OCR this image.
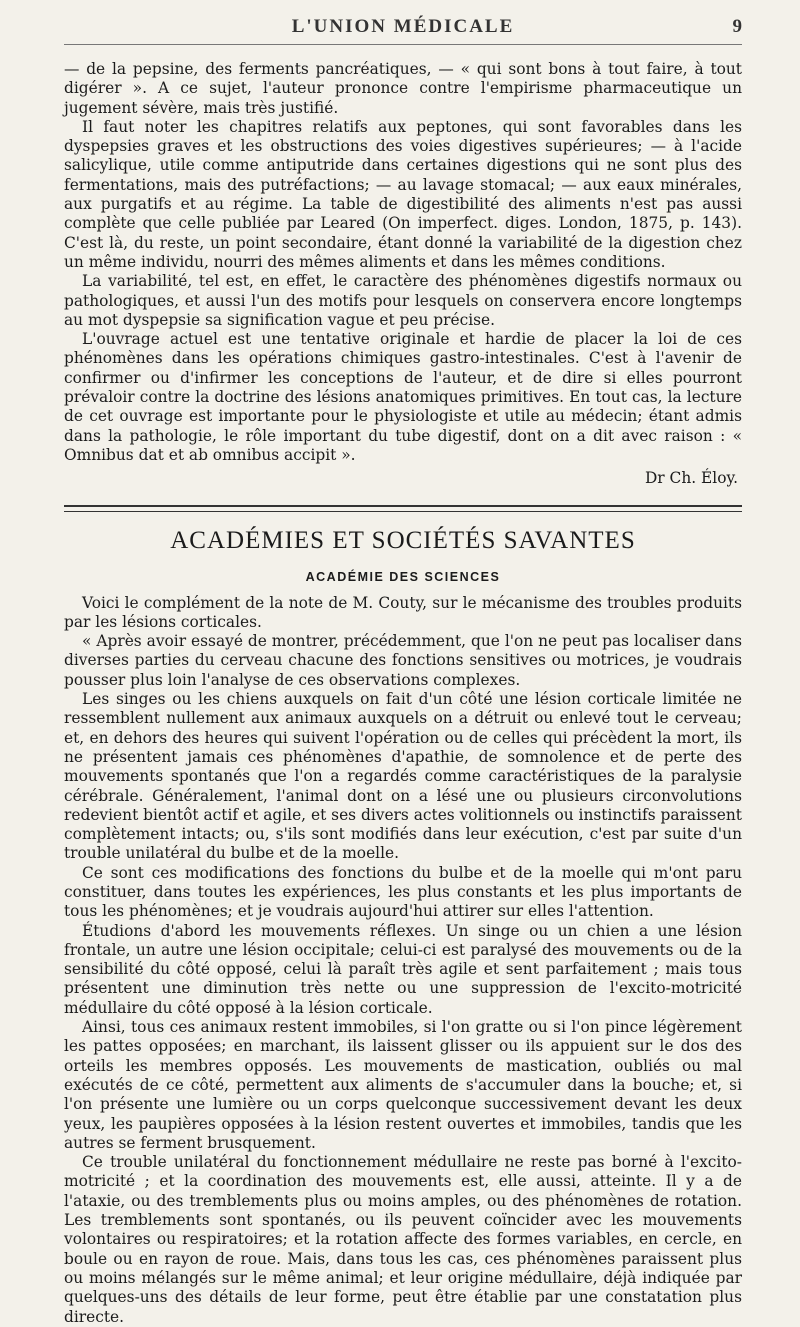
L'UNION MÉDICALE	9

— de la pepsine, des ferments pancréatiques, — « qui sont bons à tout faire, à tout digérer ». A ce sujet, l'auteur prononce contre l'empirisme pharmaceutique un jugement sévère, mais très justifié.

Il faut noter les chapitres relatifs aux peptones, qui sont favorables dans les dyspepsies graves et les obstructions des voies digestives supérieures; — à l'acide salicylique, utile comme antiputride dans certaines digestions qui ne sont plus des fermentations, mais des putréfactions; — au lavage stomacal; — aux eaux minérales, aux purgatifs et au régime. La table de digestibilité des aliments n'est pas aussi complète que celle publiée par Leared (On imperfect. diges. London, 1875, p. 143). C'est là, du reste, un point secondaire, étant donné la variabilité de la digestion chez un même individu, nourri des mêmes aliments et dans les mêmes conditions.

La variabilité, tel est, en effet, le caractère des phénomènes digestifs normaux ou pathologiques, et aussi l'un des motifs pour lesquels on conservera encore longtemps au mot dyspepsie sa signification vague et peu précise.

L'ouvrage actuel est une tentative originale et hardie de placer la loi de ces phénomènes dans les opérations chimiques gastro-intestinales. C'est à l'avenir de confirmer ou d'infirmer les conceptions de l'auteur, et de dire si elles pourront prévaloir contre la doctrine des lésions anatomiques primitives. En tout cas, la lecture de cet ouvrage est importante pour le physiologiste et utile au médecin; étant admis dans la pathologie, le rôle important du tube digestif, dont on a dit avec raison : « Omnibus dat et ab omnibus accipit ».

Dr Ch. Éloy.
ACADÉMIES ET SOCIÉTÉS SAVANTES
ACADÉMIE DES SCIENCES

Voici le complément de la note de M. Couty, sur le mécanisme des troubles produits par les lésions corticales.

« Après avoir essayé de montrer, précédemment, que l'on ne peut pas localiser dans diverses parties du cerveau chacune des fonctions sensitives ou motrices, je voudrais pousser plus loin l'analyse de ces observations complexes.

Les singes ou les chiens auxquels on fait d'un côté une lésion corticale limitée ne ressemblent nullement aux animaux auxquels on a détruit ou enlevé tout le cerveau; et, en dehors des heures qui suivent l'opération ou de celles qui précèdent la mort, ils ne présentent jamais ces phénomènes d'apathie, de somnolence et de perte des mouvements spontanés que l'on a regardés comme caractéristiques de la paralysie cérébrale. Généralement, l'animal dont on a lésé une ou plusieurs circonvolutions redevient bientôt actif et agile, et ses divers actes volitionnels ou instinctifs paraissent complètement intacts; ou, s'ils sont modifiés dans leur exécution, c'est par suite d'un trouble unilatéral du bulbe et de la moelle.

Ce sont ces modifications des fonctions du bulbe et de la moelle qui m'ont paru constituer, dans toutes les expériences, les plus constants et les plus importants de tous les phénomènes; et je voudrais aujourd'hui attirer sur elles l'attention.

Étudions d'abord les mouvements réflexes. Un singe ou un chien a une lésion frontale, un autre une lésion occipitale; celui-ci est paralysé des mouvements ou de la sensibilité du côté opposé, celui là paraît très agile et sent parfaitement ; mais tous présentent une diminution très nette ou une suppression de l'excito-motricité médullaire du côté opposé à la lésion corticale.

Ainsi, tous ces animaux restent immobiles, si l'on gratte ou si l'on pince légèrement les pattes opposées; en marchant, ils laissent glisser ou ils appuient sur le dos des orteils les membres opposés. Les mouvements de mastication, oubliés ou mal exécutés de ce côté, permettent aux aliments de s'accumuler dans la bouche; et, si l'on présente une lumière ou un corps quelconque successivement devant les deux yeux, les paupières opposées à la lésion restent ouvertes et immobiles, tandis que les autres se ferment brusquement.

Ce trouble unilatéral du fonctionnement médullaire ne reste pas borné à l'excito-motricité ; et la coordination des mouvements est, elle aussi, atteinte. Il y a de l'ataxie, ou des tremblements plus ou moins amples, ou des phénomènes de rotation. Les tremblements sont spontanés, ou ils peuvent coïncider avec les mouvements volontaires ou respiratoires; et la rotation affecte des formes variables, en cercle, en boule ou en rayon de roue. Mais, dans tous les cas, ces phénomènes paraissent plus ou moins mélangés sur le même animal; et leur origine médullaire, déjà indiquée par quelques-uns des détails de leur forme, peut être établie par une constatation plus directe.
